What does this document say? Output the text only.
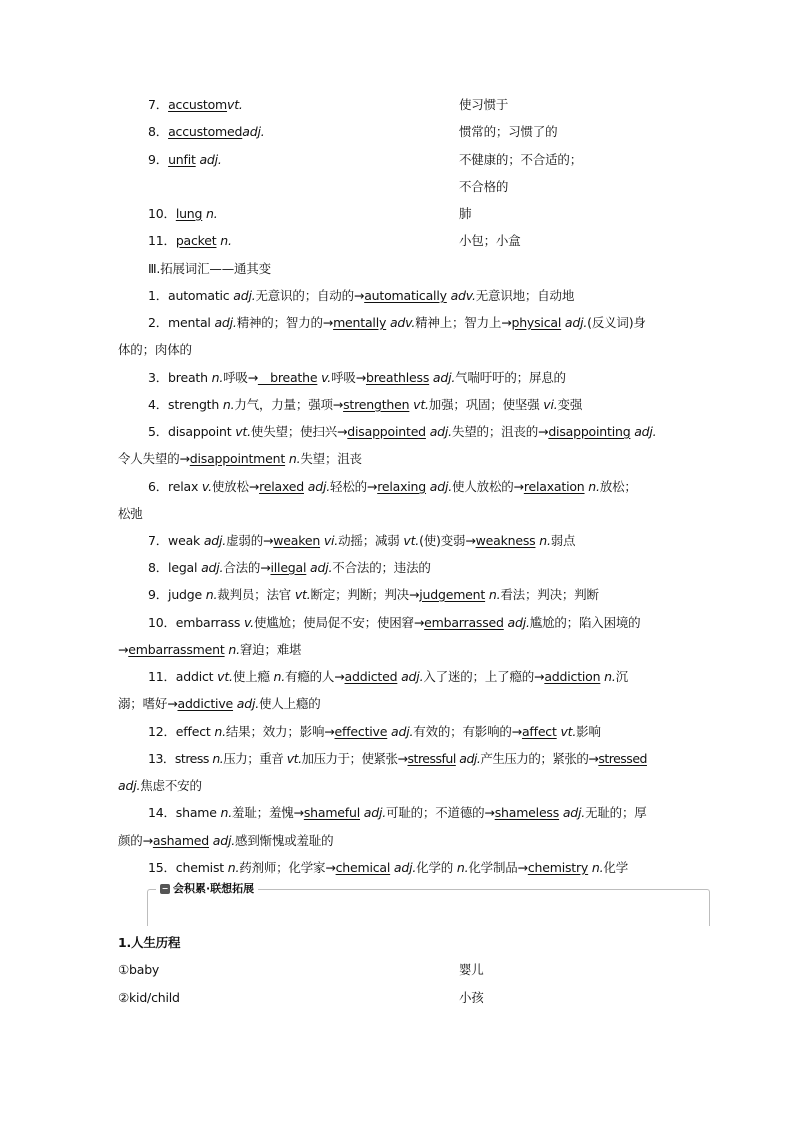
7．accustomvt.	使习惯于
8．accustomedadj.	惯常的；习惯了的
9．unfit adj.	不健康的；不合适的；
不合格的
10．lung n.	肺
11．packet n.	小包；小盒
Ⅲ.拓展词汇——通其变
1．automatic adj.无意识的；自动的→automatically adv.无意识地；自动地
2．mental adj.精神的；智力的→mentally adv.精神上；智力上→physical adj.(反义词)身
体的；肉体的
3．breath n.呼吸→__breathe v.呼吸→breathless adj.气喘吁吁的；屏息的
4．strength n.力气，力量；强项→strengthen vt.加强；巩固；使坚强 vi.变强
5．disappoint vt.使失望；使扫兴→disappointed adj.失望的；沮丧的→disappointing adj.
令人失望的→disappointment n.失望；沮丧
6．relax v.使放松→relaxed adj.轻松的→relaxing adj.使人放松的→relaxation n.放松；
松弛
7．weak adj.虚弱的→weaken vi.动摇；减弱 vt.(使)变弱→weakness n.弱点
8．legal adj.合法的→illegal adj.不合法的；违法的
9．judge n.裁判员；法官 vt.断定；判断；判决→judgement n.看法；判决；判断
10．embarrass v.使尴尬；使局促不安；使困窘→embarrassed adj.尴尬的；陷入困境的
→embarrassment n.窘迫；难堪
11．addict vt.使上瘾 n.有瘾的人→addicted adj.入了迷的；上了瘾的→addiction n.沉
溺；嗜好→addictive adj.使人上瘾的
12．effect n.结果；效力；影响→effective adj.有效的；有影响的→affect vt.影响
13．stress n.压力；重音 vt.加压力于；使紧张→stressful adj.产生压力的；紧张的→stressed
adj.焦虑不安的
14．shame n.羞耻；羞愧→shameful adj.可耻的；不道德的→shameless adj.无耻的；厚
颜的→ashamed adj.感到惭愧或羞耻的
15．chemist n.药剂师；化学家→chemical adj.化学的 n.化学制品→chemistry n.化学
− 会积累·联想拓展
1.人生历程
①baby	婴儿
②kid/child	小孩
